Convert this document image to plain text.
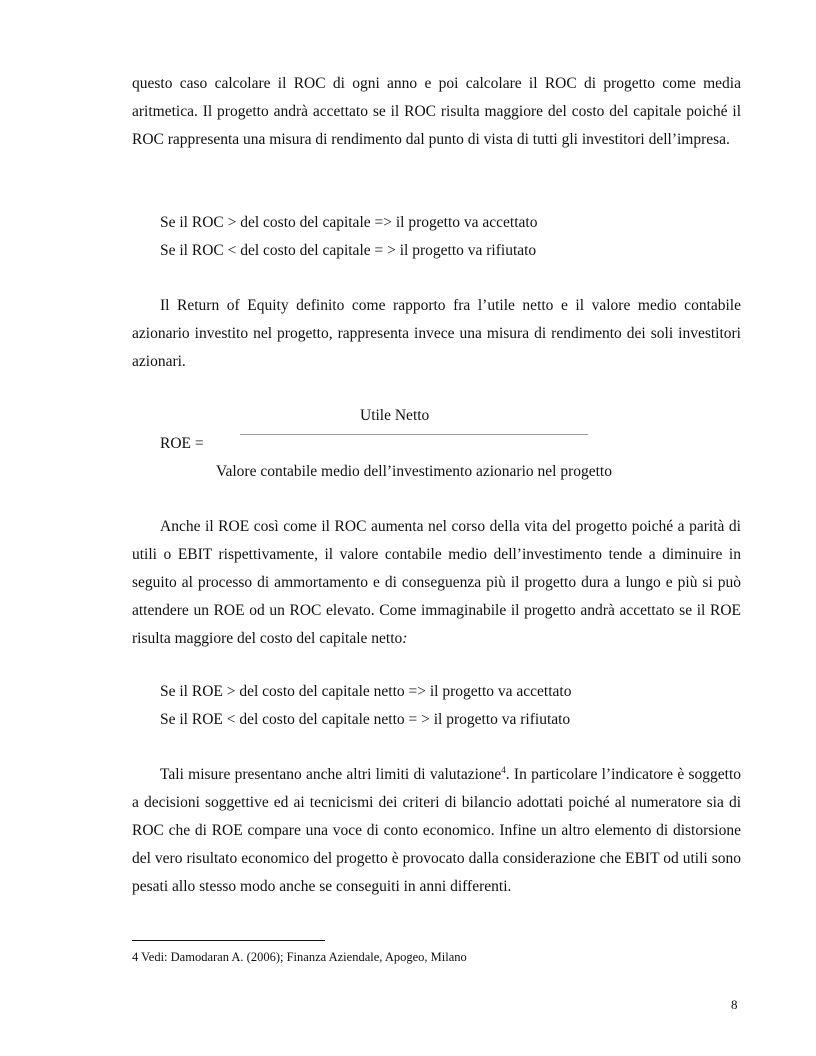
questo caso calcolare il ROC di ogni anno e poi calcolare il ROC di progetto come media aritmetica. Il progetto andrà accettato se il ROC risulta maggiore del costo del capitale poiché il ROC rappresenta una misura di rendimento dal punto di vista di tutti gli investitori dell’impresa.

Se il ROC > del costo del capitale => il progetto va accettato

Se il ROC < del costo del capitale = > il progetto va rifiutato

Il Return of Equity definito come rapporto fra l’utile netto e il valore medio contabile azionario investito nel progetto, rappresenta invece una misura di rendimento dei soli investitori azionari.

Utile Netto
ROE =
Valore contabile medio dell’investimento azionario nel progetto

Anche il ROE così come il ROC aumenta nel corso della vita del progetto poiché a parità di utili o EBIT rispettivamente, il valore contabile medio dell’investimento tende a diminuire in seguito al processo di ammortamento e di conseguenza più il progetto dura a lungo e più si può attendere un ROE od un ROC elevato. Come immaginabile il progetto andrà accettato se il ROE risulta maggiore del costo del capitale netto:

Se il ROE > del costo del capitale netto => il progetto va accettato

Se il ROE < del costo del capitale netto = > il progetto va rifiutato

Tali misure presentano anche altri limiti di valutazione$^4$. In particolare l’indicatore è soggetto a decisioni soggettive ed ai tecnicismi dei criteri di bilancio adottati poiché al numeratore sia di ROC che di ROE compare una voce di conto economico. Infine un altro elemento di distorsione del vero risultato economico del progetto è provocato dalla considerazione che EBIT od utili sono pesati allo stesso modo anche se conseguiti in anni differenti.

4 Vedi: Damodaran A. (2006); Finanza Aziendale, Apogeo, Milano
8
